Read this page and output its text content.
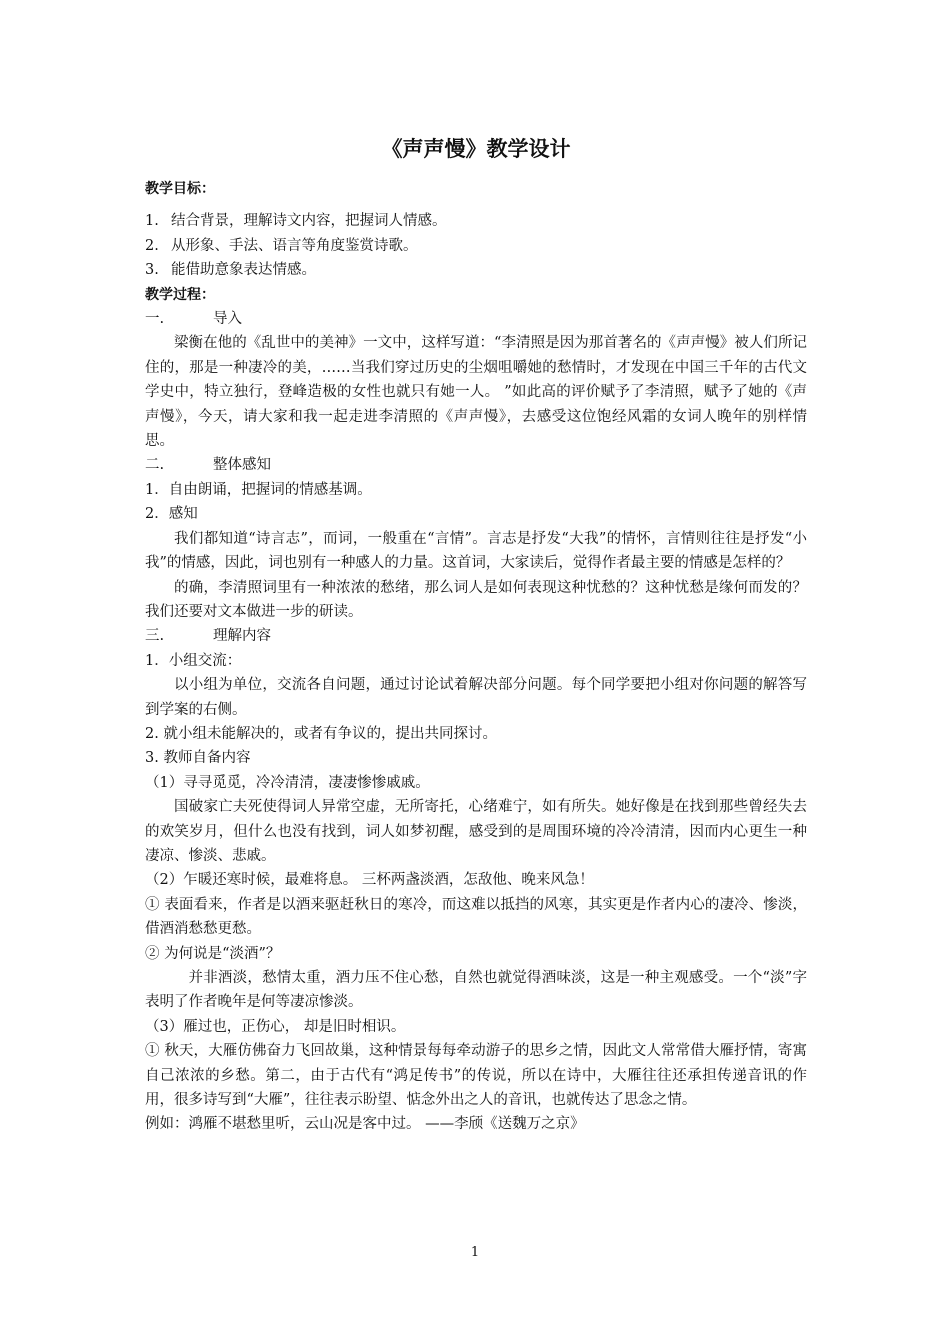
《声声慢》教学设计
教学目标：
1. 结合背景，理解诗文内容，把握词人情感。
2. 从形象、手法、语言等角度鉴赏诗歌。
3. 能借助意象表达情感。
教学过程：
一.	导入
梁衡在他的《乱世中的美神》一文中，这样写道：“李清照是因为那首著名的《声声慢》被人们所记住的，那是一种凄冷的美，……当我们穿过历史的尘烟咀嚼她的愁情时，才发现在中国三千年的古代文学史中，特立独行，登峰造极的女性也就只有她一人。 ”如此高的评价赋予了李清照，赋予了她的《声声慢》，今天，请大家和我一起走进李清照的《声声慢》，去感受这位饱经风霜的女词人晚年的别样情思。
二.	整体感知
1．自由朗诵，把握词的情感基调。
2．感知
我们都知道“诗言志”，而词，一般重在“言情”。言志是抒发“大我”的情怀，言情则往往是抒发“小我”的情感，因此，词也别有一种感人的力量。这首词，大家读后，觉得作者最主要的情感是怎样的？
的确，李清照词里有一种浓浓的愁绪，那么词人是如何表现这种忧愁的？这种忧愁是缘何而发的？我们还要对文本做进一步的研读。
三.	理解内容
1．小组交流：
以小组为单位，交流各自问题，通过讨论试着解决部分问题。每个同学要把小组对你问题的解答写到学案的右侧。
2. 就小组未能解决的，或者有争议的，提出共同探讨。
3. 教师自备内容
（1）寻寻觅觅，冷冷清清，凄凄惨惨戚戚。
国破家亡夫死使得词人异常空虚，无所寄托，心绪难宁，如有所失。她好像是在找到那些曾经失去的欢笑岁月，但什么也没有找到，词人如梦初醒，感受到的是周围环境的冷冷清清，因而内心更生一种凄凉、惨淡、悲戚。
（2）乍暖还寒时候，最难将息。 三杯两盏淡酒，怎敌他、晚来风急！
① 表面看来，作者是以酒来驱赶秋日的寒冷，而这难以抵挡的风寒，其实更是作者内心的凄冷、惨淡，借酒消愁愁更愁。
② 为何说是“淡酒”？
并非酒淡，愁情太重，酒力压不住心愁，自然也就觉得酒味淡，这是一种主观感受。一个“淡”字表明了作者晚年是何等凄凉惨淡。
（3）雁过也，正伤心， 却是旧时相识。
① 秋天，大雁仿佛奋力飞回故巢，这种情景每每牵动游子的思乡之情，因此文人常常借大雁抒情，寄寓自己浓浓的乡愁。第二，由于古代有“鸿足传书”的传说，所以在诗中，大雁往往还承担传递音讯的作用，很多诗写到“大雁”，往往表示盼望、惦念外出之人的音讯，也就传达了思念之情。
例如：鸿雁不堪愁里听，云山况是客中过。 ——李颀《送魏万之京》
1
